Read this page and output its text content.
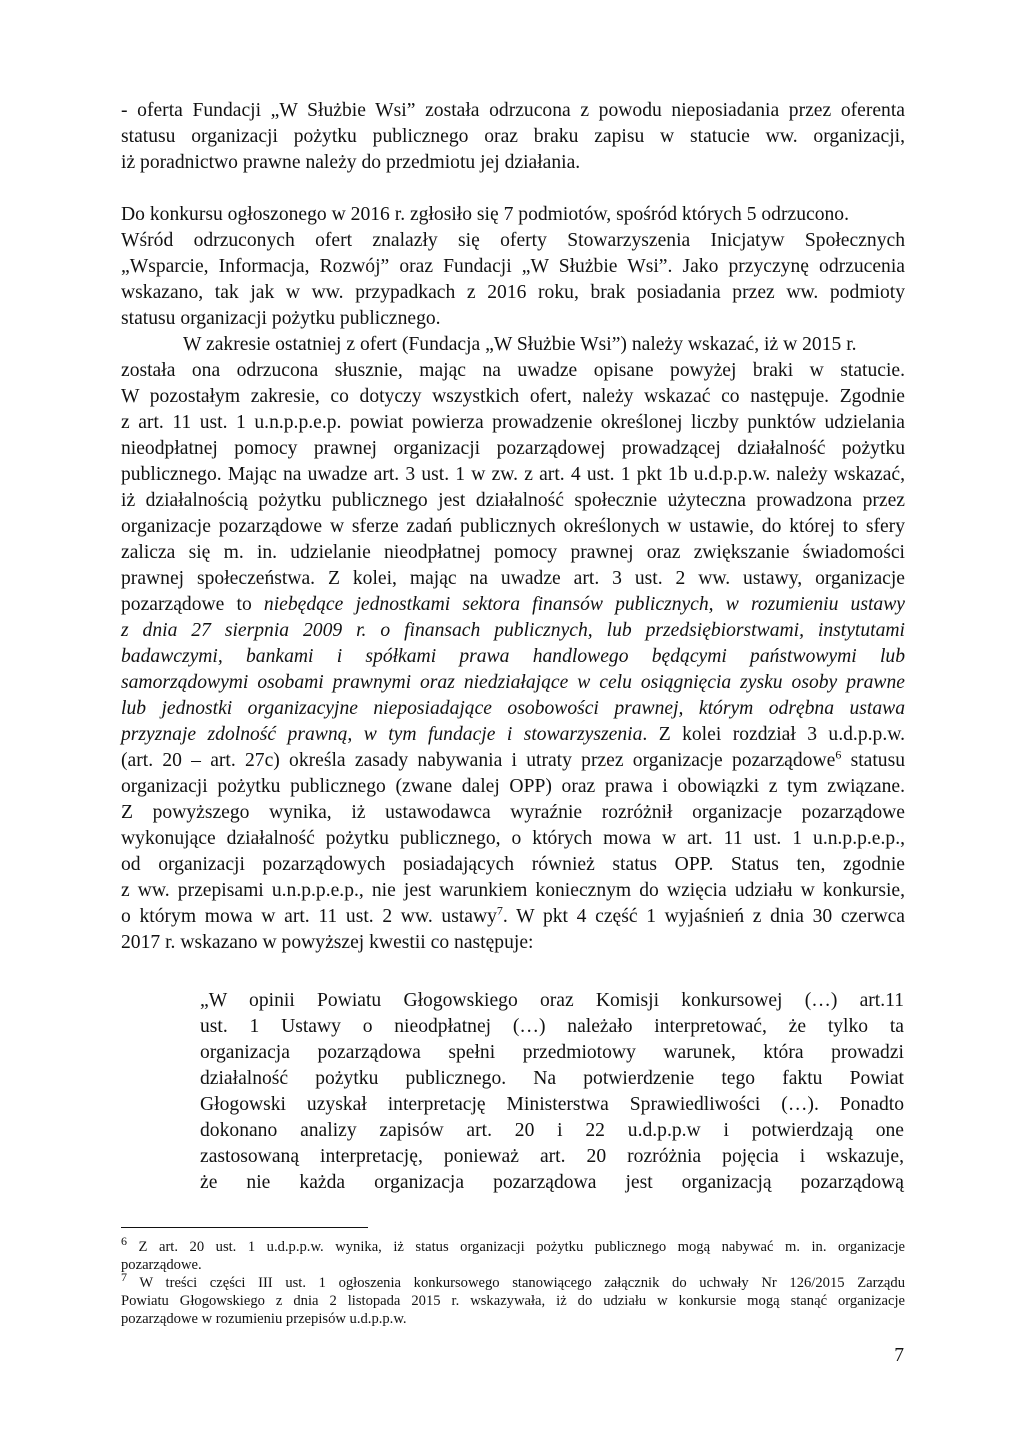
- oferta Fundacji „W Służbie Wsi” została odrzucona z powodu nieposiadania przez oferenta
statusu organizacji pożytku publicznego oraz braku zapisu w statucie ww. organizacji,
iż poradnictwo prawne należy do przedmiotu jej działania.
Do konkursu ogłoszonego w 2016 r. zgłosiło się 7 podmiotów, spośród których 5 odrzucono.
Wśród odrzuconych ofert znalazły się oferty Stowarzyszenia Inicjatyw Społecznych
„Wsparcie, Informacja, Rozwój” oraz Fundacji „W Służbie Wsi”. Jako przyczynę odrzucenia
wskazano, tak jak w ww. przypadkach z 2016 roku, brak posiadania przez ww. podmioty
statusu organizacji pożytku publicznego.
W zakresie ostatniej z ofert (Fundacja „W Służbie Wsi”) należy wskazać, iż w 2015 r.
została ona odrzucona słusznie, mając na uwadze opisane powyżej braki w statucie.
W pozostałym zakresie, co dotyczy wszystkich ofert, należy wskazać co następuje. Zgodnie
z art. 11 ust. 1 u.n.p.p.e.p. powiat powierza prowadzenie określonej liczby punktów udzielania
nieodpłatnej pomocy prawnej organizacji pozarządowej prowadzącej działalność pożytku
publicznego. Mając na uwadze art. 3 ust. 1 w zw. z art. 4 ust. 1 pkt 1b u.d.p.p.w. należy wskazać,
iż działalnością pożytku publicznego jest działalność społecznie użyteczna prowadzona przez
organizacje pozarządowe w sferze zadań publicznych określonych w ustawie, do której to sfery
zalicza się m. in. udzielanie nieodpłatnej pomocy prawnej oraz zwiększanie świadomości
prawnej społeczeństwa. Z kolei, mając na uwadze art. 3 ust. 2 ww. ustawy, organizacje
pozarządowe to niebędące jednostkami sektora finansów publicznych, w rozumieniu ustawy
z dnia 27 sierpnia 2009 r. o finansach publicznych, lub przedsiębiorstwami, instytutami
badawczymi, bankami i spółkami prawa handlowego będącymi państwowymi lub
samorządowymi osobami prawnymi oraz niedziałające w celu osiągnięcia zysku osoby prawne
lub jednostki organizacyjne nieposiadające osobowości prawnej, którym odrębna ustawa
przyznaje zdolność prawną, w tym fundacje i stowarzyszenia. Z kolei rozdział 3 u.d.p.p.w.
(art. 20 – art. 27c) określa zasady nabywania i utraty przez organizacje pozarządowe$^6$ statusu
organizacji pożytku publicznego (zwane dalej OPP) oraz prawa i obowiązki z tym związane.
Z powyższego wynika, iż ustawodawca wyraźnie rozróżnił organizacje pozarządowe
wykonujące działalność pożytku publicznego, o których mowa w art. 11 ust. 1 u.n.p.p.e.p.,
od organizacji pozarządowych posiadających również status OPP. Status ten, zgodnie
z ww. przepisami u.n.p.p.e.p., nie jest warunkiem koniecznym do wzięcia udziału w konkursie,
o którym mowa w art. 11 ust. 2 ww. ustawy$^7$. W pkt 4 część 1 wyjaśnień z dnia 30 czerwca
2017 r. wskazano w powyższej kwestii co następuje:
„W opinii Powiatu Głogowskiego oraz Komisji konkursowej (…) art.11
ust. 1 Ustawy o nieodpłatnej (…) należało interpretować, że tylko ta
organizacja pozarządowa spełni przedmiotowy warunek, która prowadzi
działalność pożytku publicznego. Na potwierdzenie tego faktu Powiat
Głogowski uzyskał interpretację Ministerstwa Sprawiedliwości (…). Ponadto
dokonano analizy zapisów art. 20 i 22 u.d.p.p.w i potwierdzają one
zastosowaną interpretację, ponieważ art. 20 rozróżnia pojęcia i wskazuje,
że nie każda organizacja pozarządowa jest organizacją pozarządową
$^6$ Z art. 20 ust. 1 u.d.p.p.w. wynika, iż status organizacji pożytku publicznego mogą nabywać m. in. organizacje
pozarządowe.
$^7$ W treści części III ust. 1 ogłoszenia konkursowego stanowiącego załącznik do uchwały Nr 126/2015 Zarządu
Powiatu Głogowskiego z dnia 2 listopada 2015 r. wskazywała, iż do udziału w konkursie mogą stanąć organizacje
pozarządowe w rozumieniu przepisów u.d.p.p.w.
7
